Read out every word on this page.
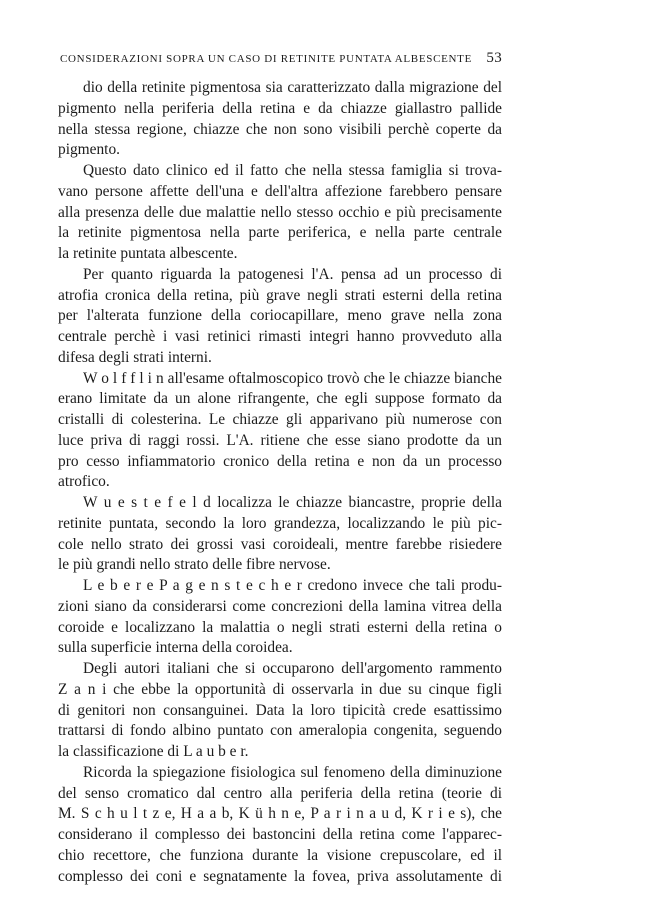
CONSIDERAZIONI SOPRA UN CASO DI RETINITE PUNTATA ALBESCENTE 53
dio della retinite pigmentosa sia caratterizzato dalla migrazione del
pigmento nella periferia della retina e da chiazze giallastro pallide
nella stessa regione, chiazze che non sono visibili perchè coperte da
pigmento.
Questo dato clinico ed il fatto che nella stessa famiglia si trova-
vano persone affette dell'una e dell'altra affezione farebbero pensare
alla presenza delle due malattie nello stesso occhio e più precisamente
la retinite pigmentosa nella parte periferica, e nella parte centrale
la retinite puntata albescente.
Per quanto riguarda la patogenesi l'A. pensa ad un processo di
atrofia cronica della retina, più grave negli strati esterni della retina
per l'alterata funzione della coriocapillare, meno grave nella zona
centrale perchè i vasi retinici rimasti integri hanno provveduto alla
difesa degli strati interni.
W o l f f l i n all'esame oftalmoscopico trovò che le chiazze bianche
erano limitate da un alone rifrangente, che egli suppose formato da
cristalli di colesterina. Le chiazze gli apparivano più numerose con
luce priva di raggi rossi. L'A. ritiene che esse siano prodotte da un
pro cesso infiammatorio cronico della retina e non da un processo
atrofico.
W u e s t e f e l d localizza le chiazze biancastre, proprie della
retinite puntata, secondo la loro grandezza, localizzando le più pic-
cole nello strato dei grossi vasi coroideali, mentre farebbe risiedere
le più grandi nello strato delle fibre nervose.
L e b e r e P a g e n s t e c h e r credono invece che tali produ-
zioni siano da considerarsi come concrezioni della lamina vitrea della
coroide e localizzano la malattia o negli strati esterni della retina o
sulla superficie interna della coroidea.
Degli autori italiani che si occuparono dell'argomento rammento
Z a n i che ebbe la opportunità di osservarla in due su cinque figli
di genitori non consanguinei. Data la loro tipicità crede esattissimo
trattarsi di fondo albino puntato con ameralopia congenita, seguendo
la classificazione di L a u b e r.
Ricorda la spiegazione fisiologica sul fenomeno della diminuzione
del senso cromatico dal centro alla periferia della retina (teorie di
M. S c h u l t z e, H a a b, K ü h n e, P a r i n a u d, K r i e s), che
considerano il complesso dei bastoncini della retina come l'apparec-
chio recettore, che funziona durante la visione crepuscolare, ed il
complesso dei coni e segnatamente la fovea, priva assolutamente di
